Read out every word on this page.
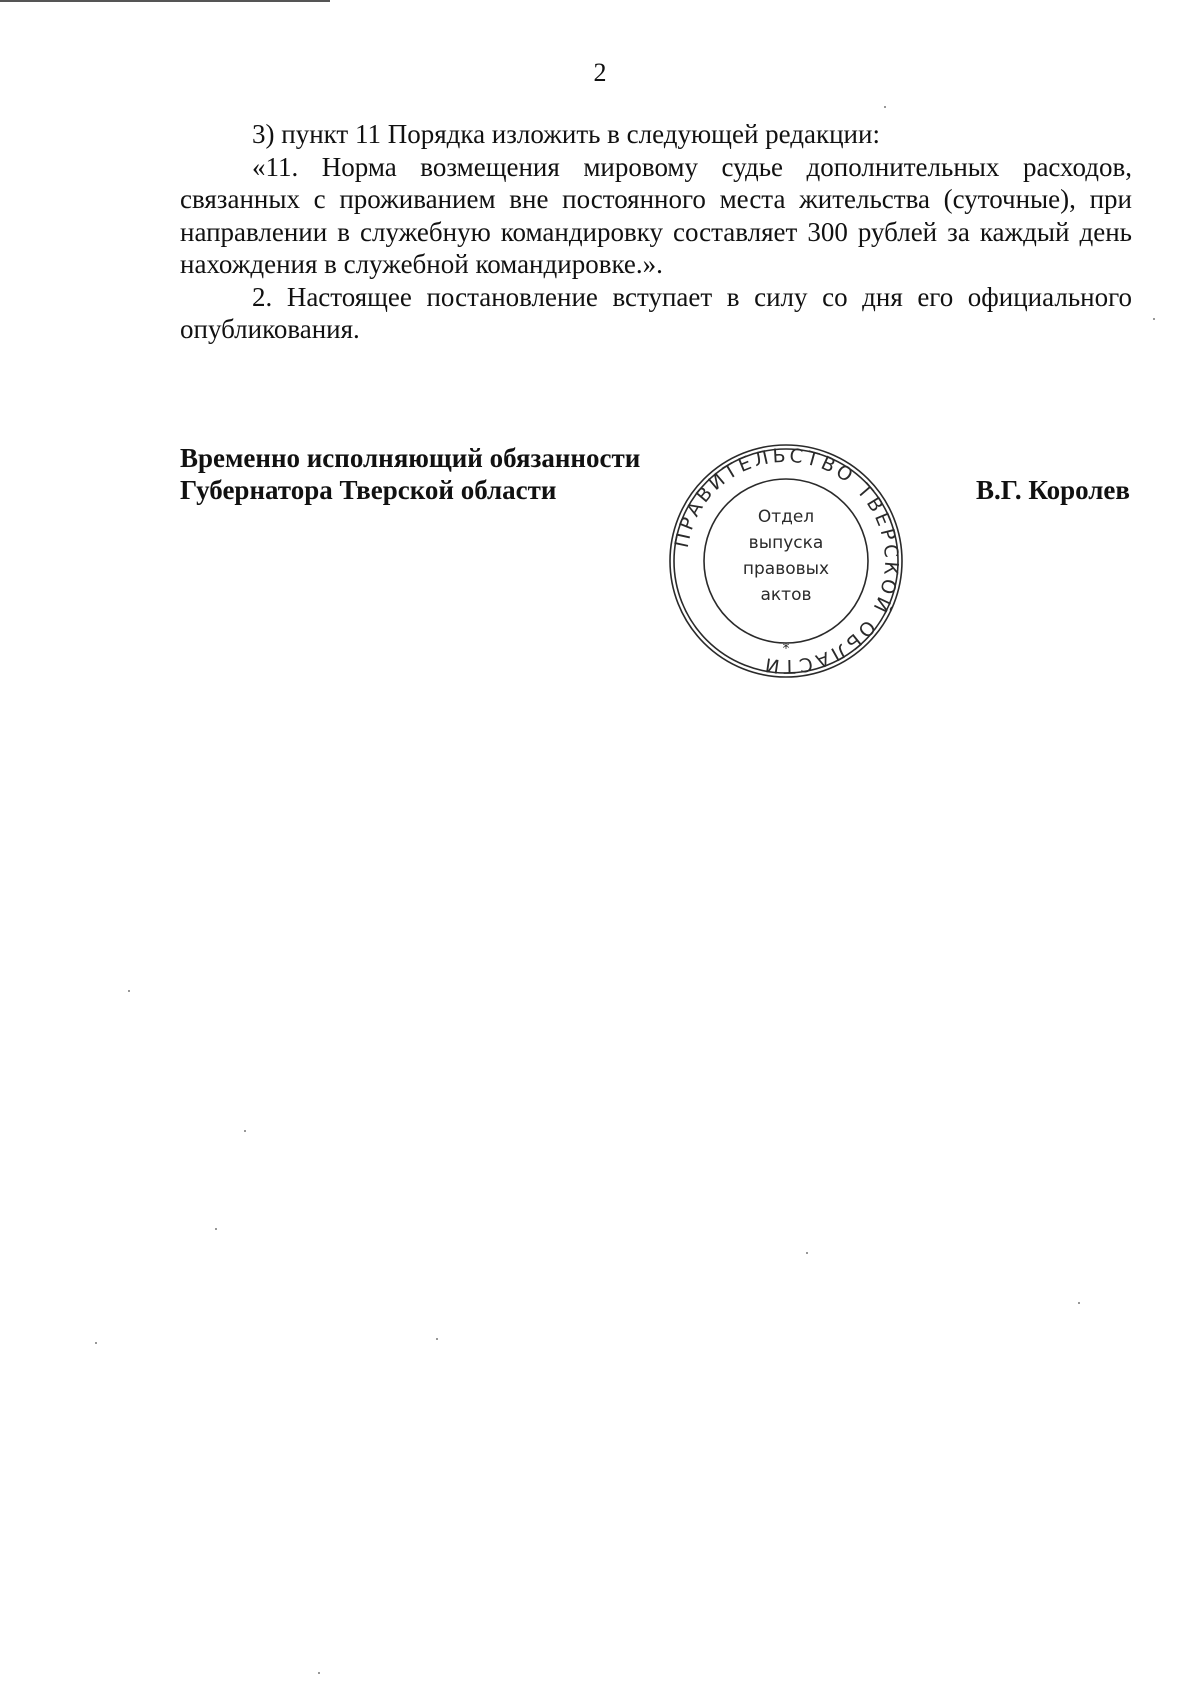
2

3) пункт 11 Порядка изложить в следующей редакции:

«11. Норма возмещения мировому судье дополнительных расходов, связанных с проживанием вне постоянного места жительства (суточные), при направлении в служебную командировку составляет 300 рублей за каждый день нахождения в служебной командировке.».

2. Настоящее постановление вступает в силу со дня его официального опубликования.

Временно исполняющий обязанности
Губернатора Тверской области	В.Г. Королев
ПРАВИТЕЛЬСТВО ТВЕРСКОЙ ОБЛАСТИ
*
Отдел
выпуска
правовых
актов
